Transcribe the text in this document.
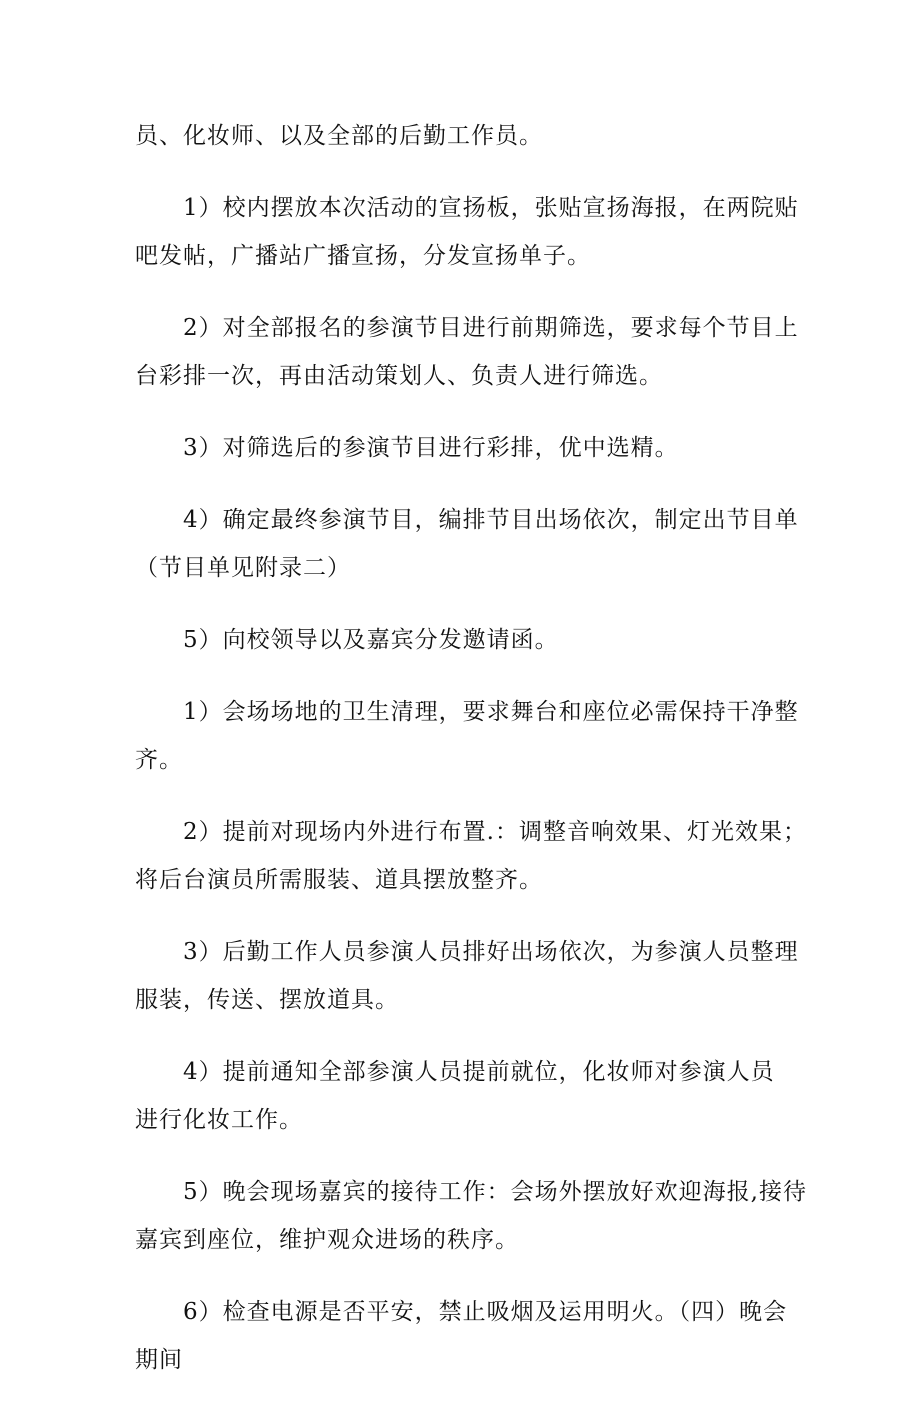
员、化妆师、以及全部的后勤工作员。

1）校内摆放本次活动的宣扬板，张贴宣扬海报，在两院贴
吧发帖，广播站广播宣扬，分发宣扬单子。

2）对全部报名的参演节目进行前期筛选，要求每个节目上
台彩排一次，再由活动策划人、负责人进行筛选。

3）对筛选后的参演节目进行彩排，优中选精。

4）确定最终参演节目，编排节目出场依次，制定出节目单
（节目单见附录二）

5）向校领导以及嘉宾分发邀请函。

1）会场场地的卫生清理，要求舞台和座位必需保持干净整
齐。

2）提前对现场内外进行布置.：调整音响效果、灯光效果；
将后台演员所需服装、道具摆放整齐。

3）后勤工作人员参演人员排好出场依次，为参演人员整理
服装，传送、摆放道具。

4）提前通知全部参演人员提前就位，化妆师对参演人员
进行化妆工作。

5）晚会现场嘉宾的接待工作：会场外摆放好欢迎海报,接待
嘉宾到座位，维护观众进场的秩序。

6）检查电源是否平安，禁止吸烟及运用明火。（四）晚会
期间
